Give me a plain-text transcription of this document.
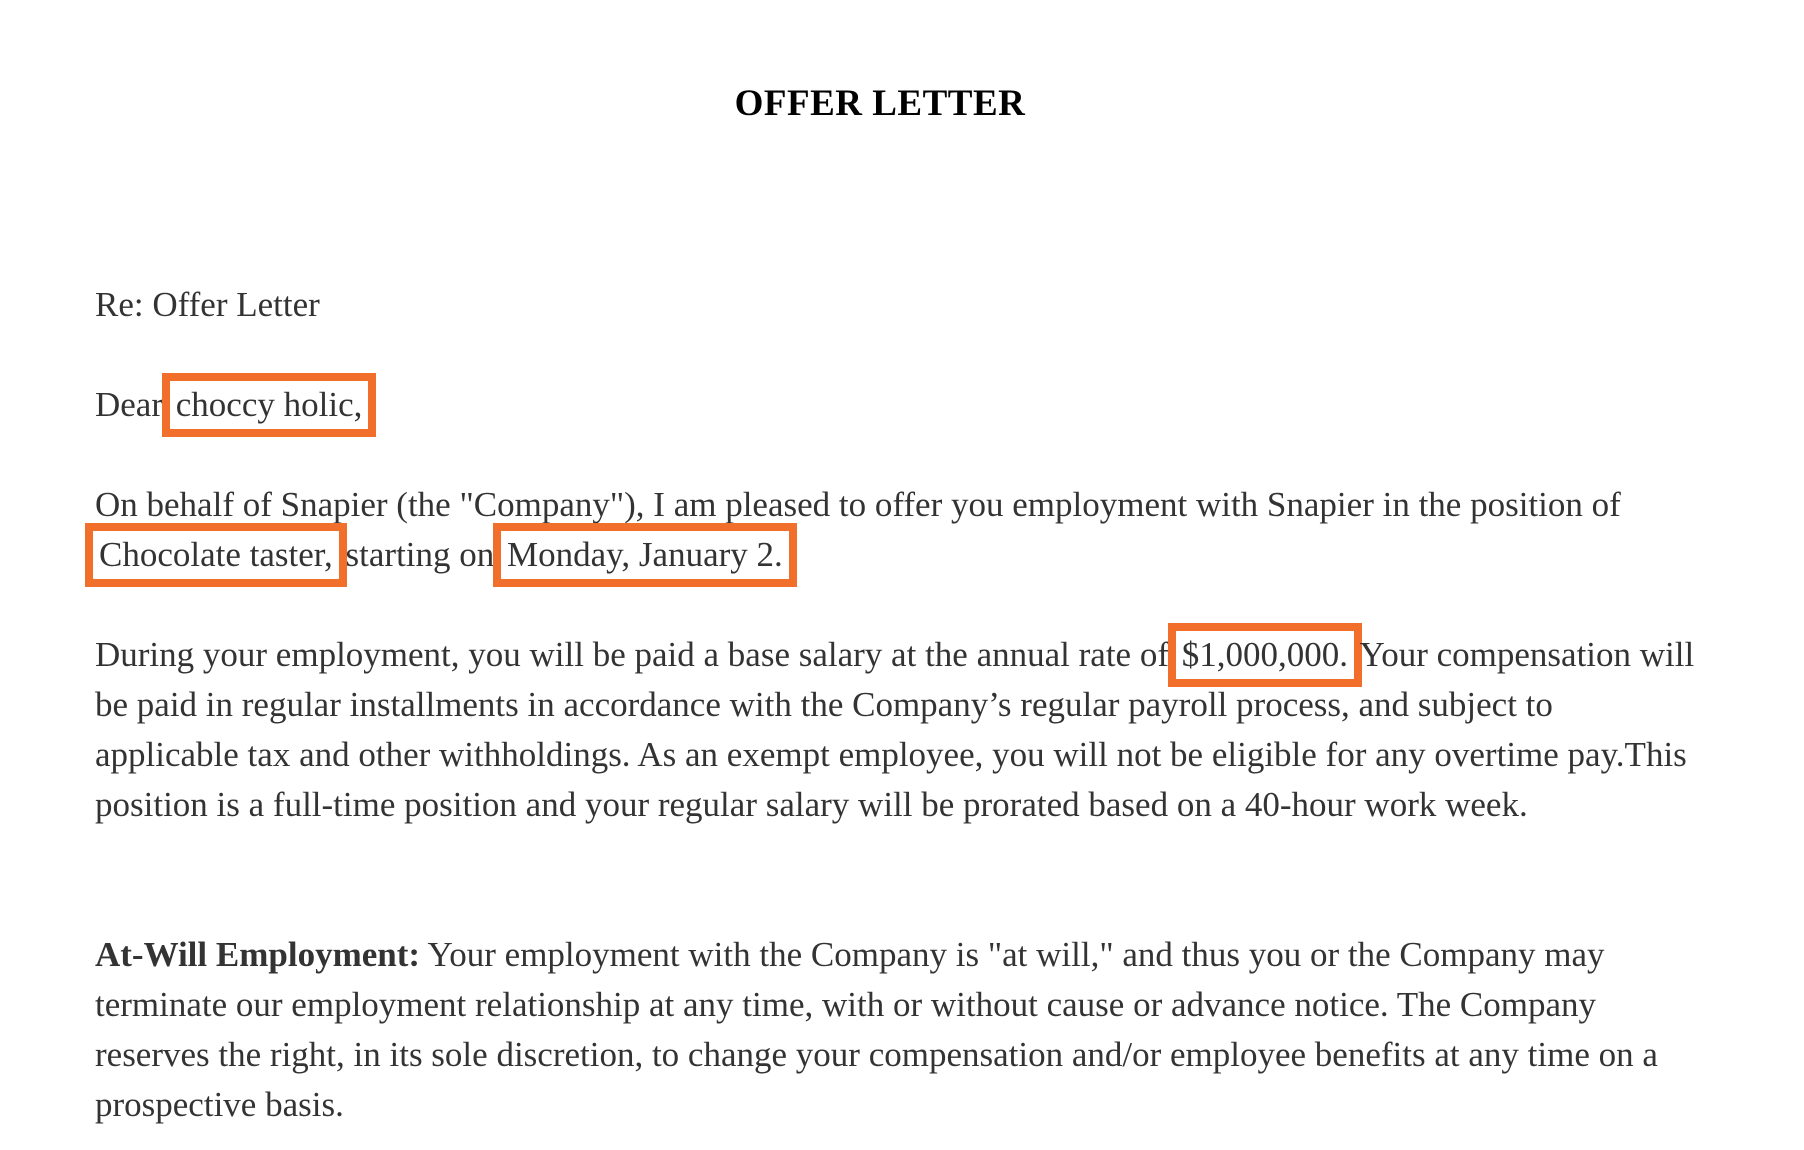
OFFER LETTER

Re: Offer Letter

Dear choccy holic,

On behalf of Snapier (the "Company"), I am pleased to offer you employment with Snapier in the position of Chocolate taster, starting on Monday, January 2.

During your employment, you will be paid a base salary at the annual rate of $1,000,000. Your compensation will be paid in regular installments in accordance with the Company’s regular payroll process, and subject to applicable tax and other withholdings. As an exempt employee, you will not be eligible for any overtime pay.This position is a full-time position and your regular salary will be prorated based on a 40-hour work week.

At-Will Employment: Your employment with the Company is "at will," and thus you or the Company may terminate our employment relationship at any time, with or without cause or advance notice. The Company reserves the right, in its sole discretion, to change your compensation and/or employee benefits at any time on a prospective basis.
